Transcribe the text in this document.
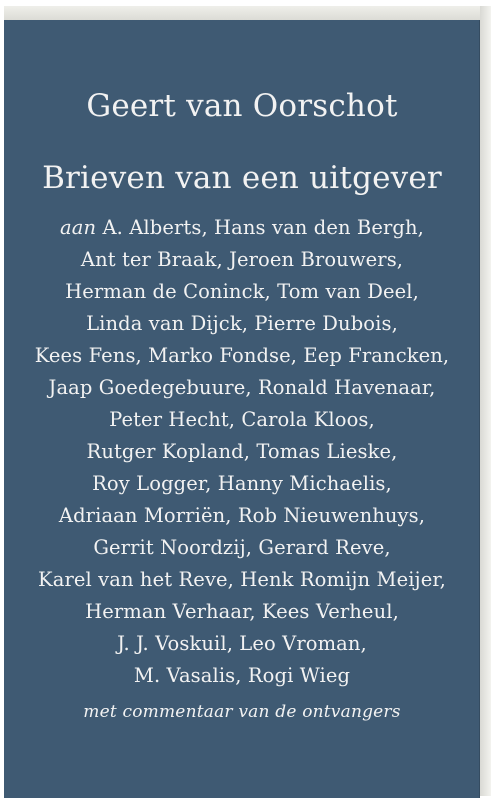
Geert van Oorschot
Brieven van een uitgever
aan A. Alberts, Hans van den Bergh,
Ant ter Braak, Jeroen Brouwers,
Herman de Coninck, Tom van Deel,
Linda van Dijck, Pierre Dubois,
Kees Fens, Marko Fondse, Eep Francken,
Jaap Goedegebuure, Ronald Havenaar,
Peter Hecht, Carola Kloos,
Rutger Kopland, Tomas Lieske,
Roy Logger, Hanny Michaelis,
Adriaan Morriën, Rob Nieuwenhuys,
Gerrit Noordzij, Gerard Reve,
Karel van het Reve, Henk Romijn Meijer,
Herman Verhaar, Kees Verheul,
J. J. Voskuil, Leo Vroman,
M. Vasalis, Rogi Wieg
met commentaar van de ontvangers
